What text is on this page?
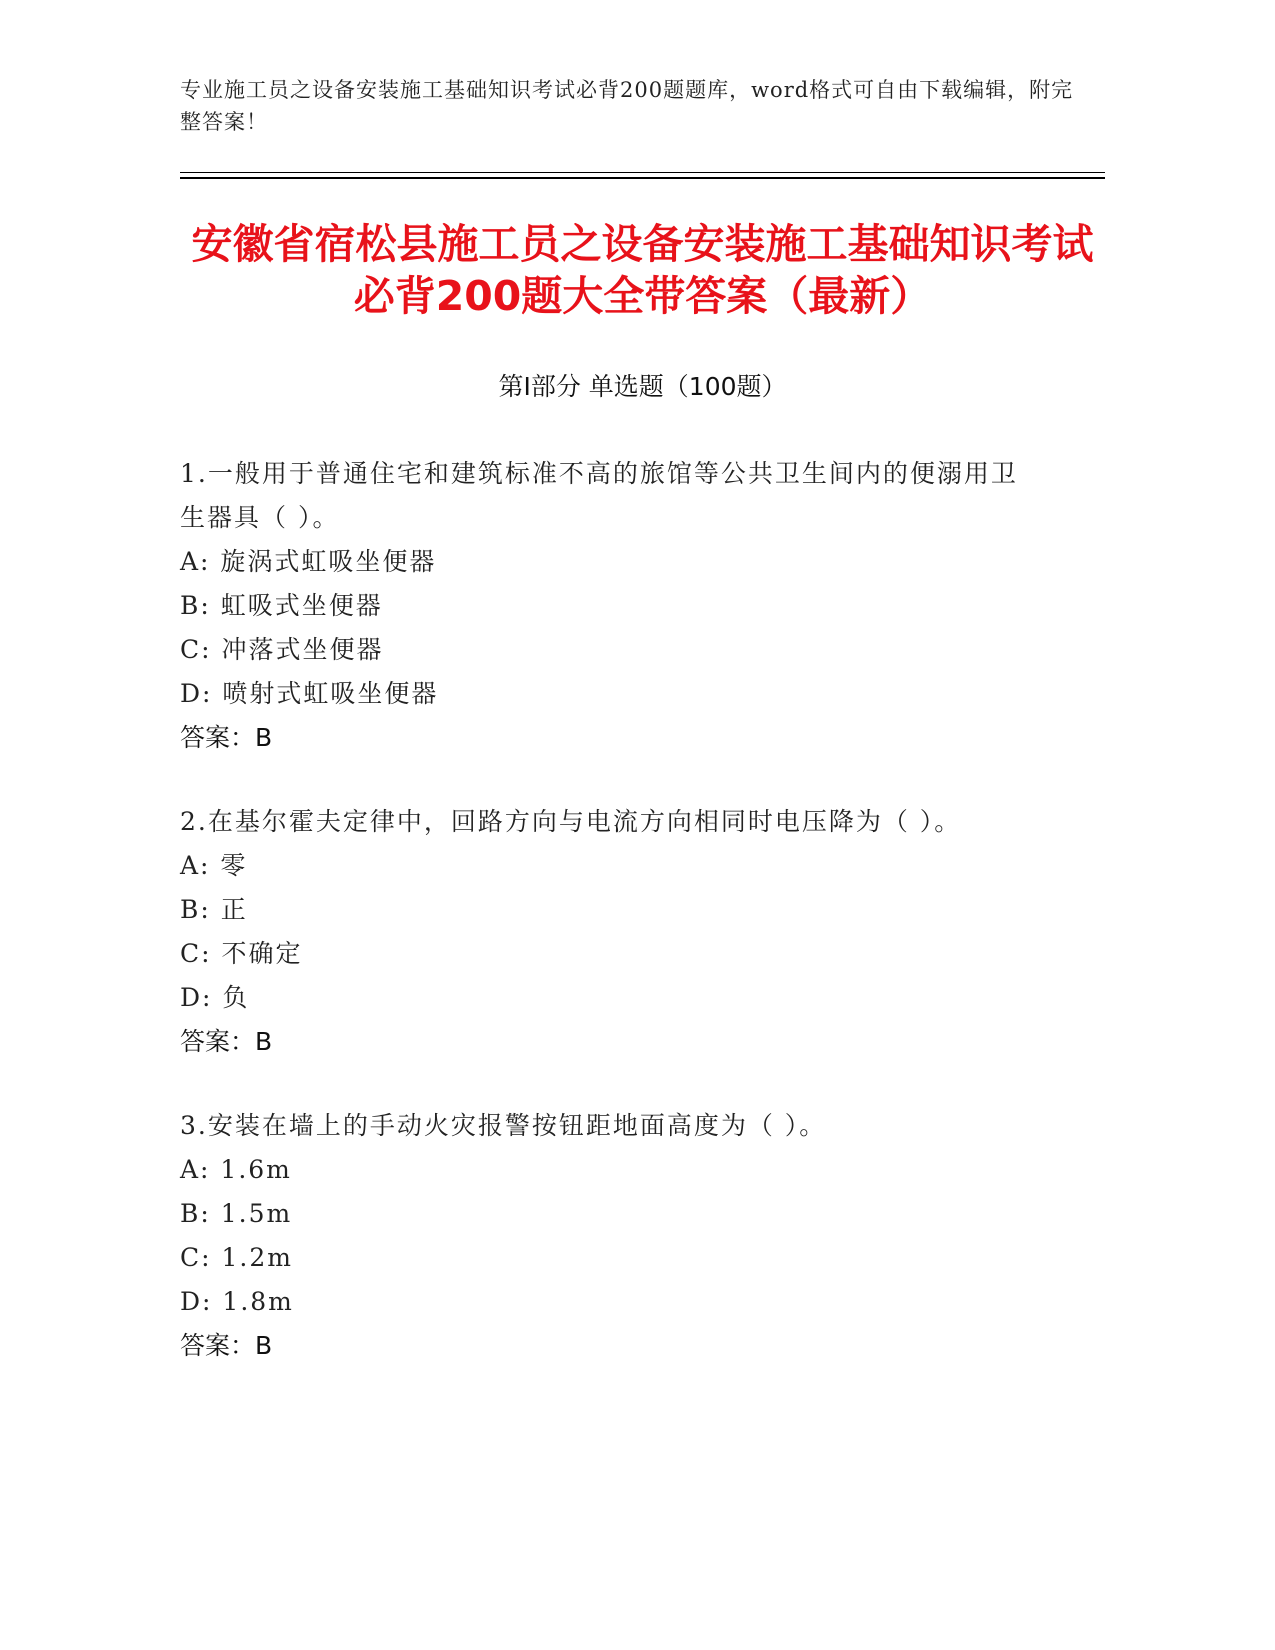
专业施工员之设备安装施工基础知识考试必背200题题库，word格式可自由下载编辑，附完整答案！
安徽省宿松县施工员之设备安装施工基础知识考试必背200题大全带答案（最新）
第I部分 单选题（100题）

1.一般用于普通住宅和建筑标准不高的旅馆等公共卫生间内的便溺用卫生器具（ ）。

A: 旋涡式虹吸坐便器
B: 虹吸式坐便器
C: 冲落式坐便器
D: 喷射式虹吸坐便器
答案：B

2.在基尔霍夫定律中，回路方向与电流方向相同时电压降为（ ）。

A: 零
B: 正
C: 不确定
D: 负
答案：B

3.安装在墙上的手动火灾报警按钮距地面高度为（ ）。

A: 1.6m
B: 1.5m
C: 1.2m
D: 1.8m
答案：B
